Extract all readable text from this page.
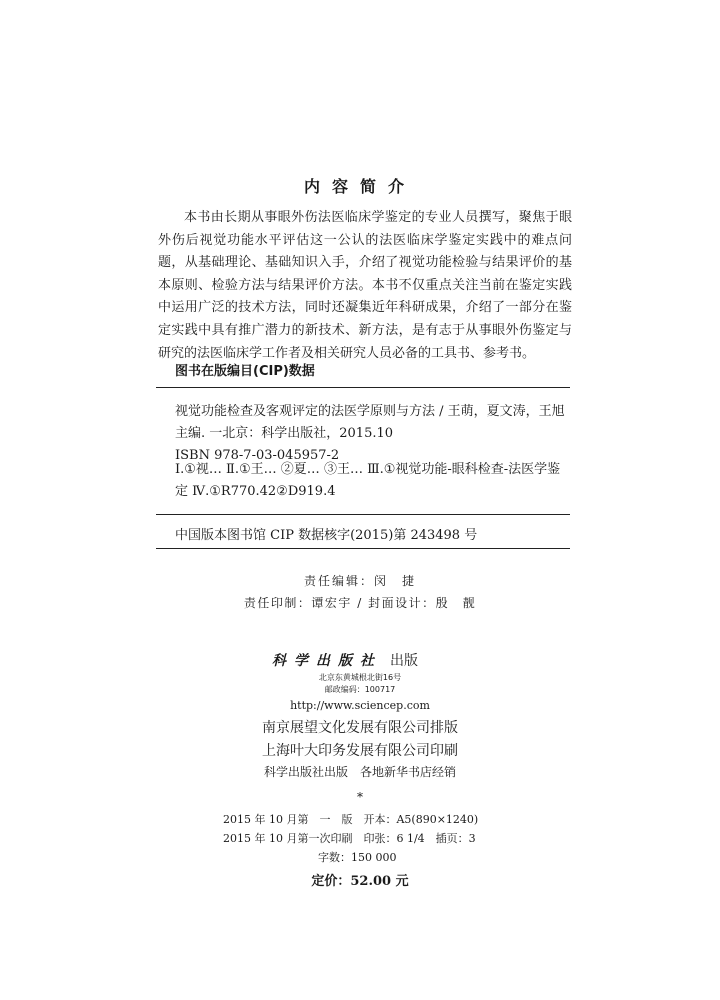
内容简介
本书由长期从事眼外伤法医临床学鉴定的专业人员撰写，聚焦于眼外伤后视觉功能水平评估这一公认的法医临床学鉴定实践中的难点问题，从基础理论、基础知识入手，介绍了视觉功能检验与结果评价的基本原则、检验方法与结果评价方法。本书不仅重点关注当前在鉴定实践中运用广泛的技术方法，同时还凝集近年科研成果，介绍了一部分在鉴定实践中具有推广潜力的新技术、新方法，是有志于从事眼外伤鉴定与研究的法医临床学工作者及相关研究人员必备的工具书、参考书。
图书在版编目(CIP)数据
视觉功能检查及客观评定的法医学原则与方法 / 王萌，夏文涛，王旭主编. 一北京：科学出版社，2015.10
ISBN 978-7-03-045957-2
Ⅰ.①视… Ⅱ.①王… ②夏… ③王… Ⅲ.①视觉功能-眼科检查-法医学鉴定 Ⅳ.①R770.42②D919.4
中国版本图书馆 CIP 数据核字(2015)第 243498 号
责任编辑：闵　捷
责任印制：谭宏宇 / 封面设计：殷　靓
科学出版社 出版
北京东黄城根北街16号
邮政编码：100717
http://www.sciencep.com
南京展望文化发展有限公司排版
上海叶大印务发展有限公司印刷
科学出版社出版　各地新华书店经销
*
2015 年 10 月第　一　版　开本：A5(890×1240)
2015 年 10 月第一次印刷　印张：6 1/4　插页：3
字数：150 000
定价：52.00 元
